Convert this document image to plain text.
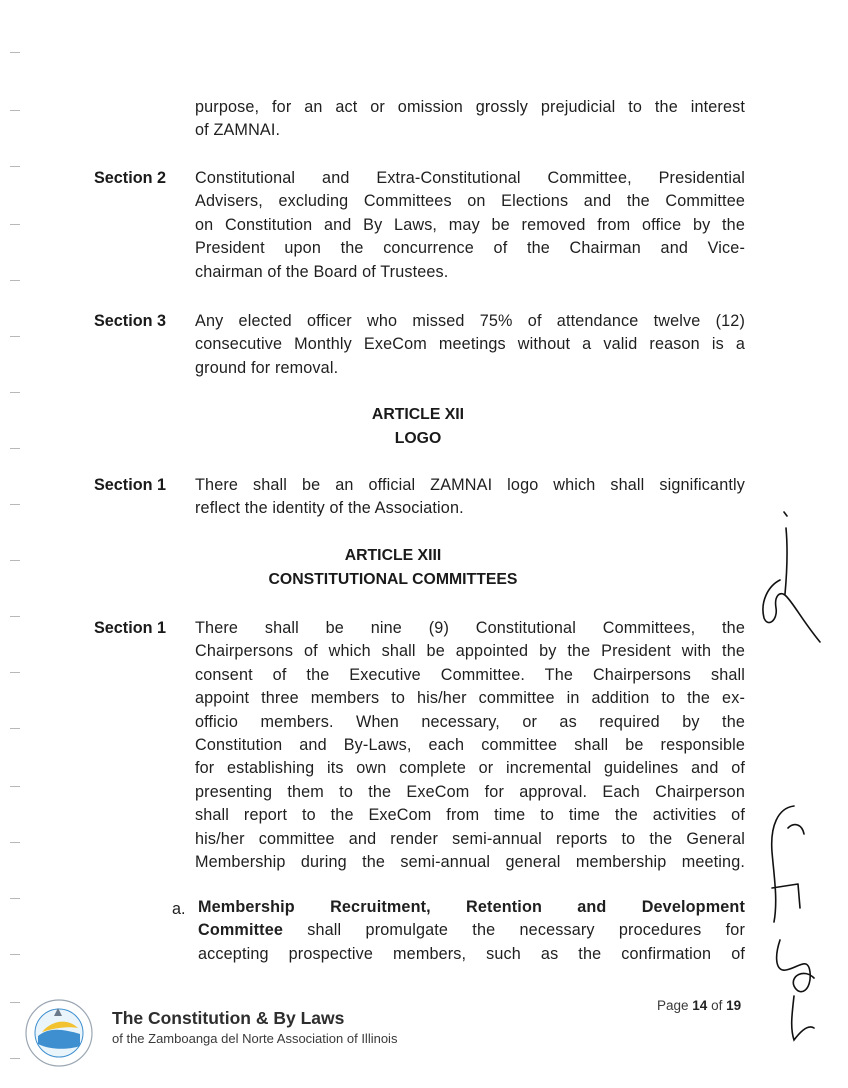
purpose, for an act or omission grossly prejudicial to the interest
of ZAMNAI.
Section 2 Constitutional and Extra-Constitutional Committee, Presidential
Advisers, excluding Committees on Elections and the Committee
on Constitution and By Laws, may be removed from office by the
President upon the concurrence of the Chairman and Vice-
chairman of the Board of Trustees.
Section 3 Any elected officer who missed 75% of attendance twelve (12)
consecutive Monthly ExeCom meetings without a valid reason is a
ground for removal.
ARTICLE XII
LOGO
Section 1 There shall be an official ZAMNAI logo which shall significantly
reflect the identity of the Association.
ARTICLE XIII
CONSTITUTIONAL COMMITTEES
Section 1 There shall be nine (9) Constitutional Committees, the
Chairpersons of which shall be appointed by the President with the
consent of the Executive Committee. The Chairpersons shall
appoint three members to his/her committee in addition to the ex-
officio members. When necessary, or as required by the
Constitution and By-Laws, each committee shall be responsible
for establishing its own complete or incremental guidelines and of
presenting them to the ExeCom for approval. Each Chairperson
shall report to the ExeCom from time to time the activities of
his/her committee and render semi-annual reports to the General
Membership during the semi-annual general membership meeting.
a. Membership Recruitment, Retention and Development
Committee shall promulgate the necessary procedures for
accepting prospective members, such as the confirmation of
The Constitution & By Laws
of the Zamboanga del Norte Association of Illinois
Page 14 of 19
